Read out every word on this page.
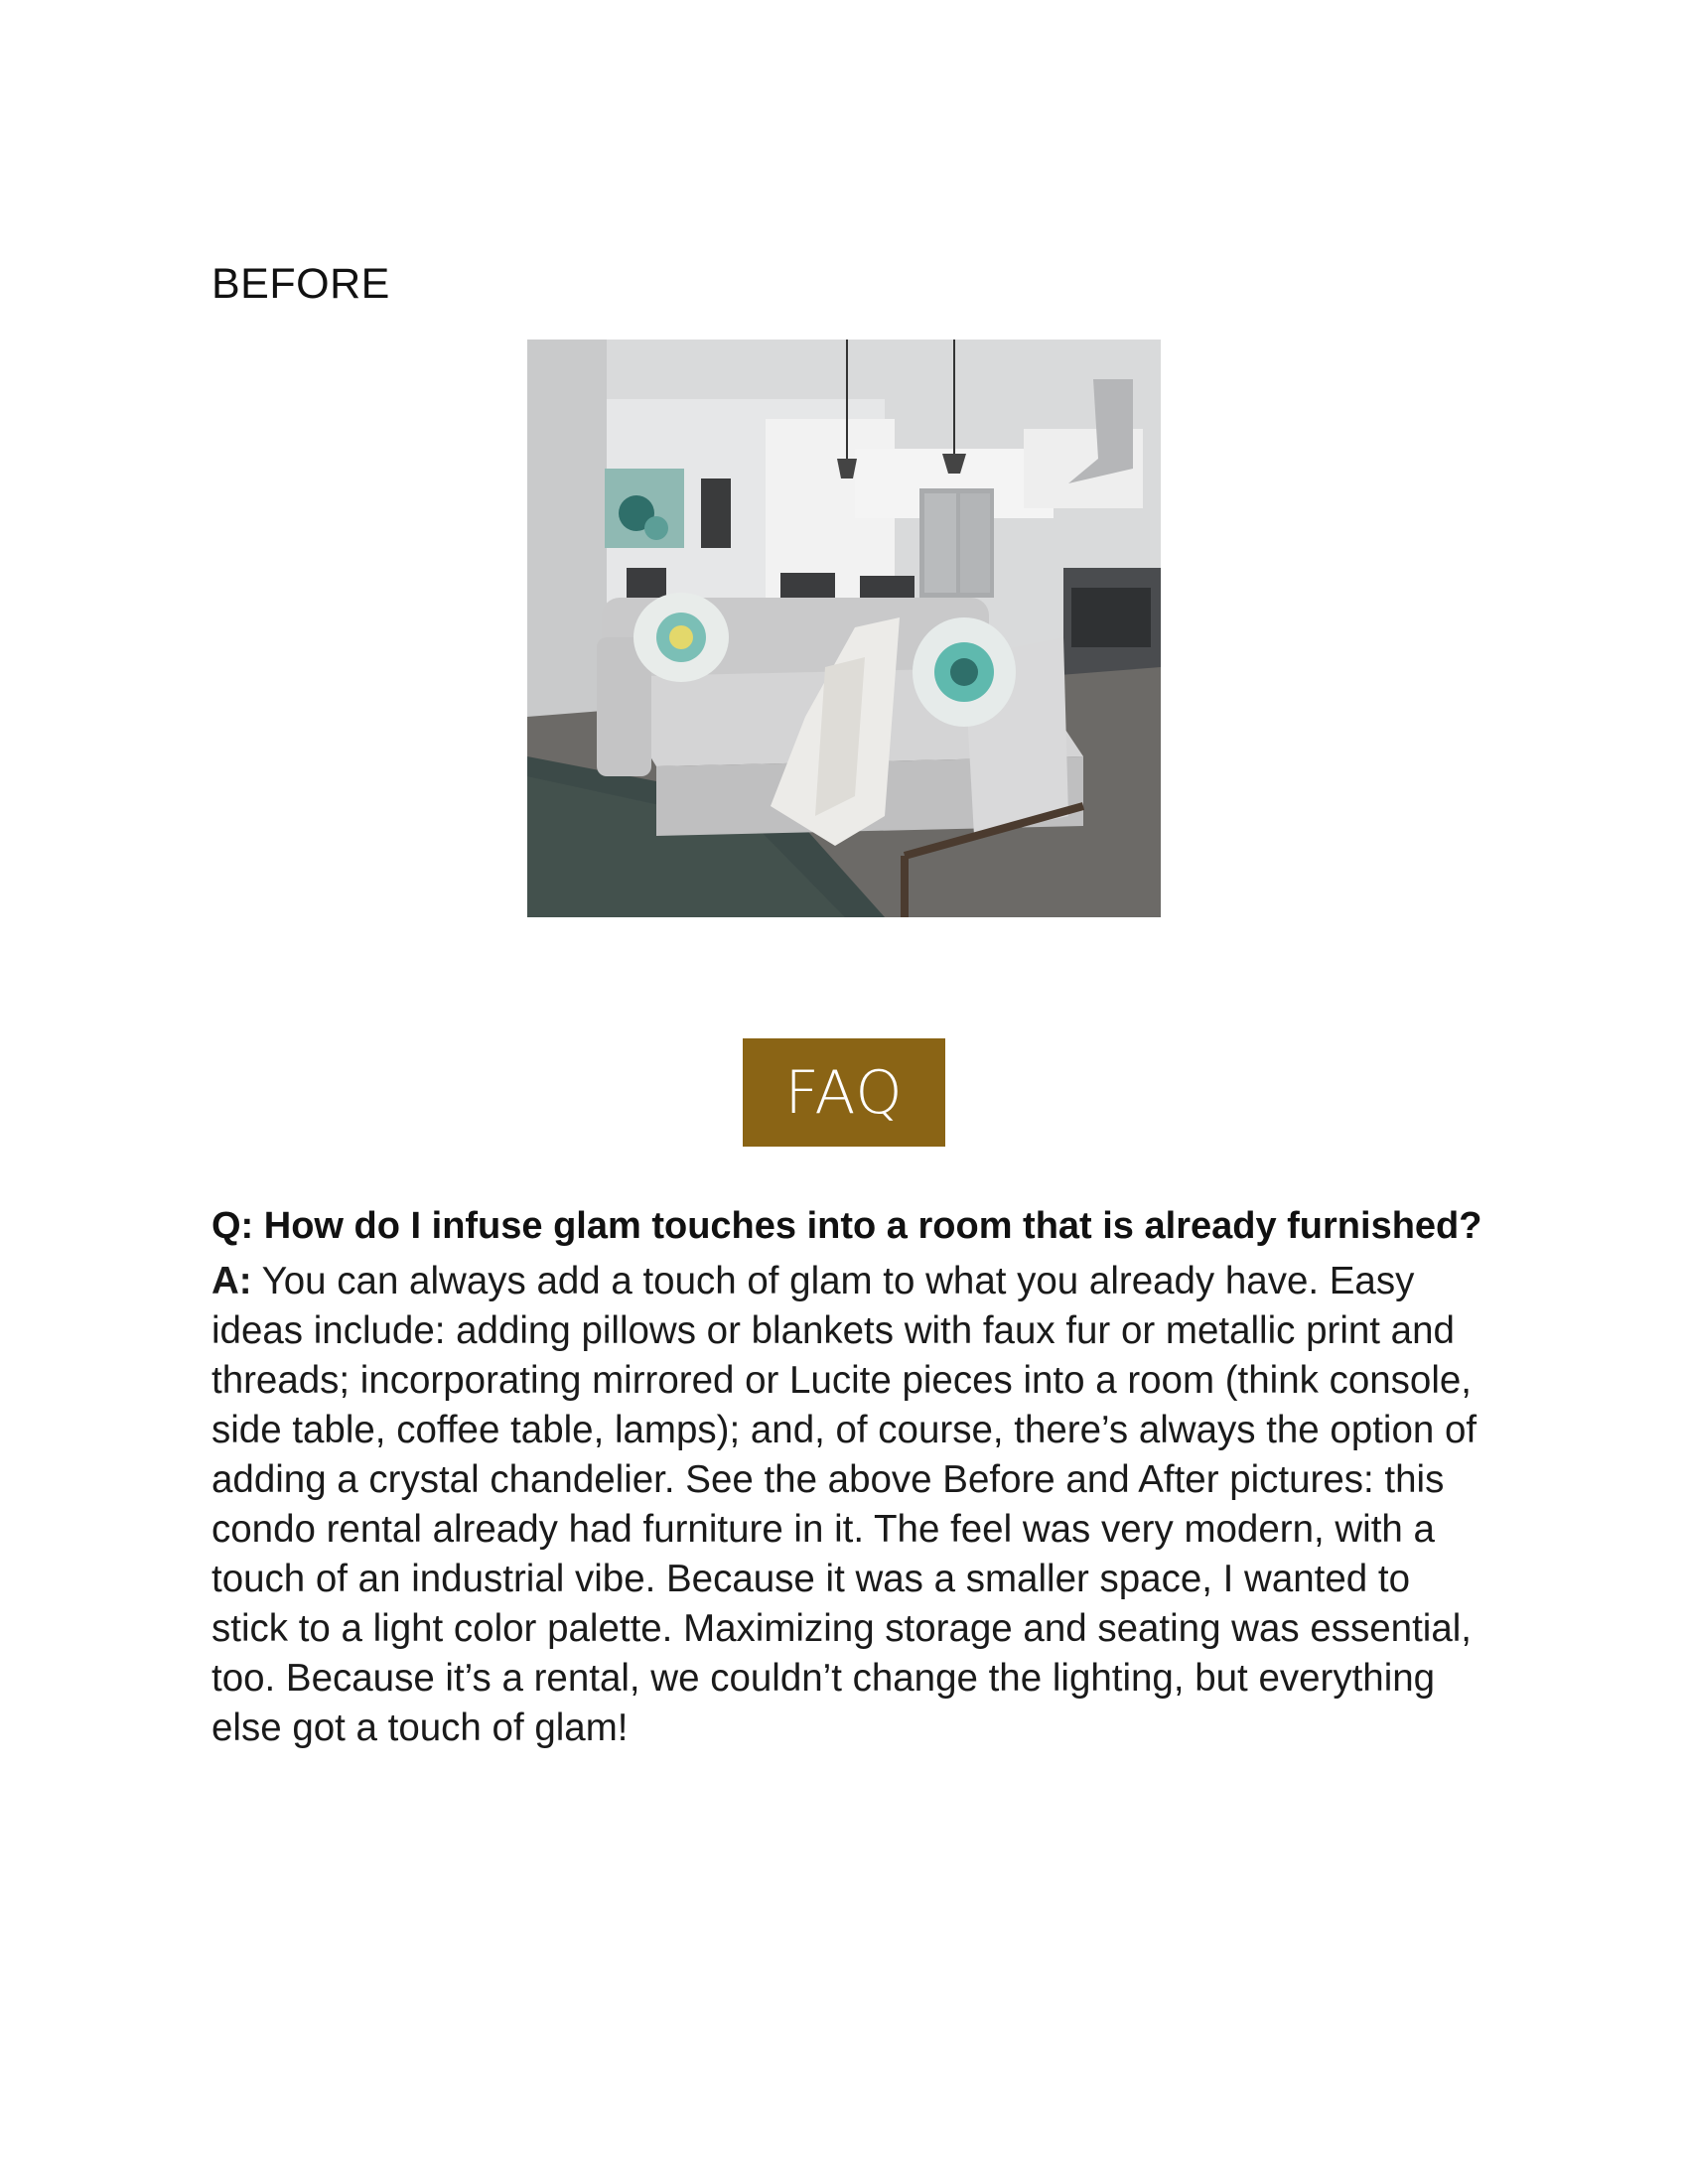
BEFORE
FAQ

Q: How do I infuse glam touches into a room that is already furnished?

A: You can always add a touch of glam to what you already have. Easy ideas include: adding pillows or blankets with faux fur or metallic print and threads; incorporating mirrored or Lucite pieces into a room (think console, side table, coffee table, lamps); and, of course, there’s always the option of adding a crystal chandelier. See the above Before and After pictures: this condo rental already had furniture in it. The feel was very modern, with a touch of an industrial vibe. Because it was a smaller space, I wanted to stick to a light color palette. Maximizing storage and seating was essential, too. Because it’s a rental, we couldn’t change the lighting, but everything else got a touch of glam!
